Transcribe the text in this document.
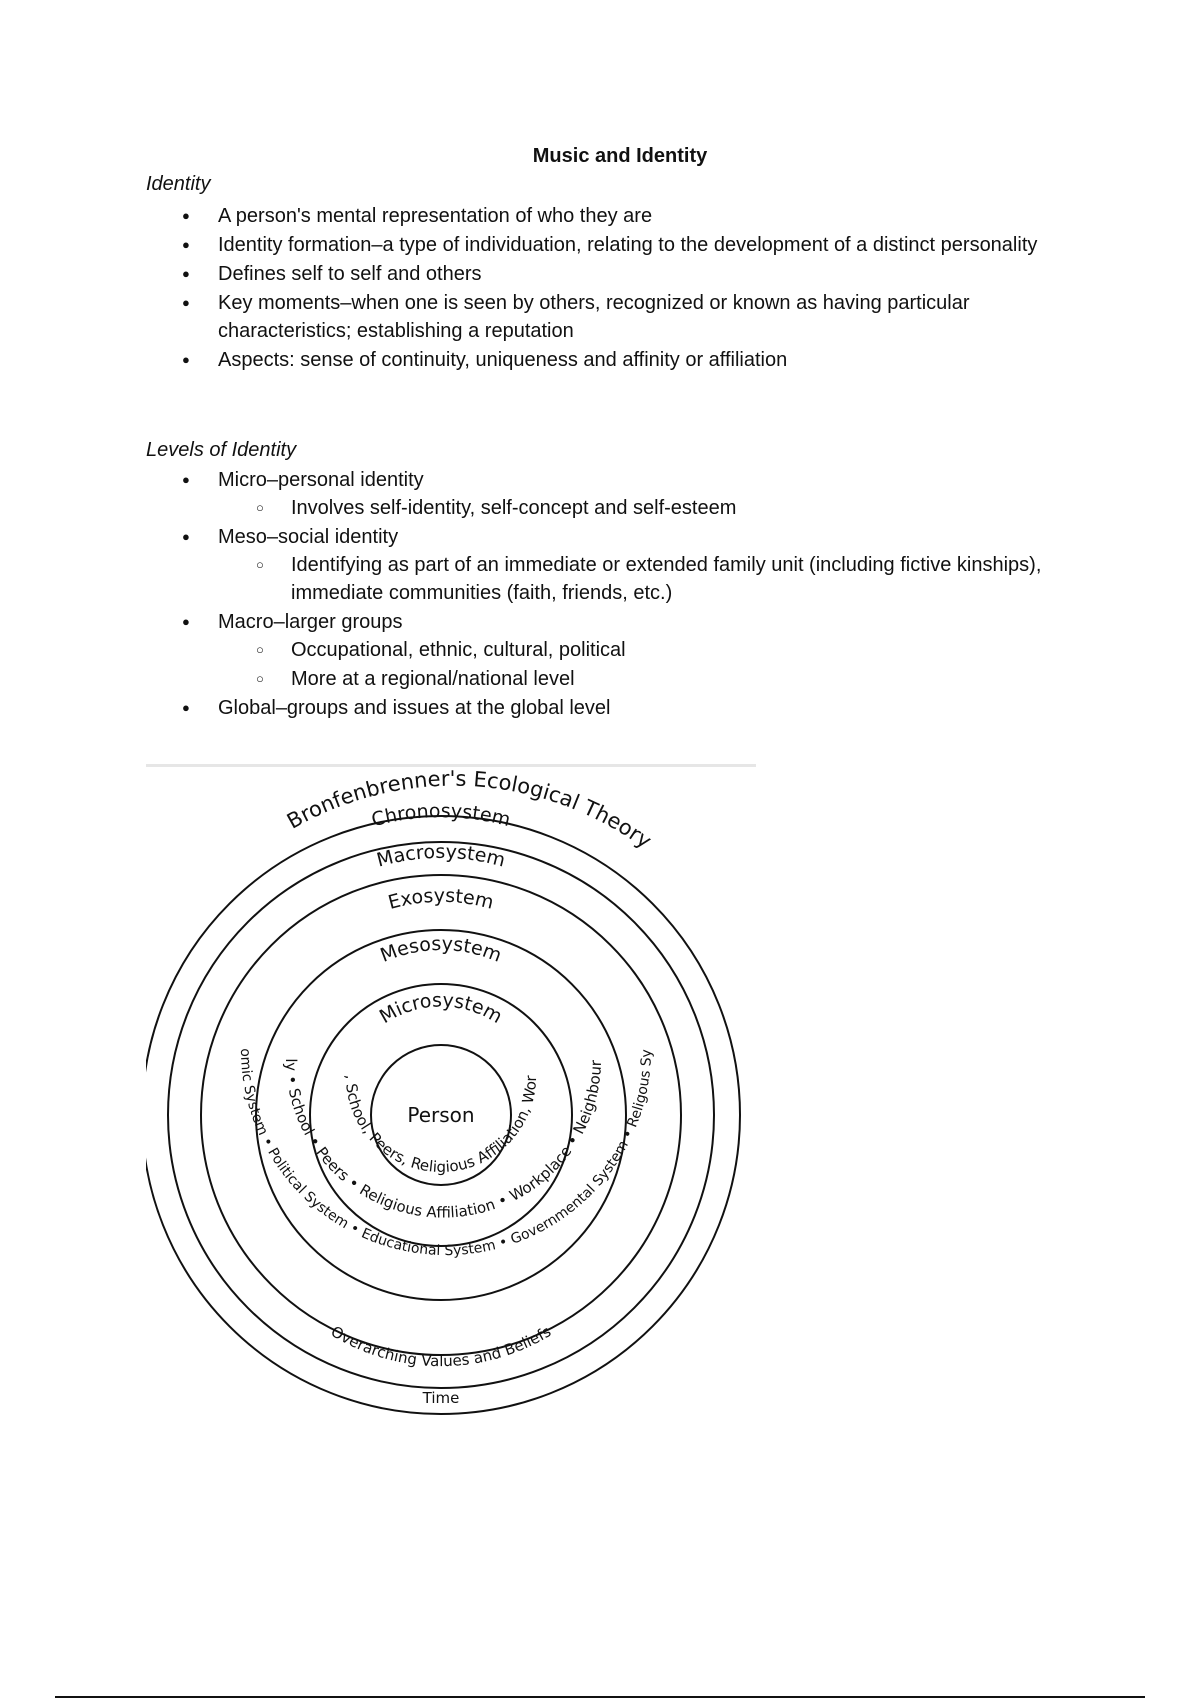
Music and Identity
Identity
● A person's mental representation of who they are
● Identity formation–a type of individuation, relating to the development of a distinct personality
● Defines self to self and others
● Key moments–when one is seen by others, recognized or known as having particular characteristics; establishing a reputation
● Aspects: sense of continuity, uniqueness and affinity or affiliation
Levels of Identity
● Micro–personal identity
○ Involves self-identity, self-concept and self-esteem
● Meso–social identity
○ Identifying as part of an immediate or extended family unit (including fictive kinships), immediate communities (faith, friends, etc.)
● Macro–larger groups
○ Occupational, ethnic, cultural, political
○ More at a regional/national level
● Global–groups and issues at the global level
Bronfenbrenner's Ecological Theory
Chronosystem
Macrosystem
Exosystem
Mesosystem
Microsystem
Person
, School, Peers, Religious Affiliation, Wor
ly • School • Peers • Religious Affiliation • Workplace • Neighbour
omic System • Political System • Educational System • Governmental System • Religous Sy
Overarching Values and Beliefs
Time
